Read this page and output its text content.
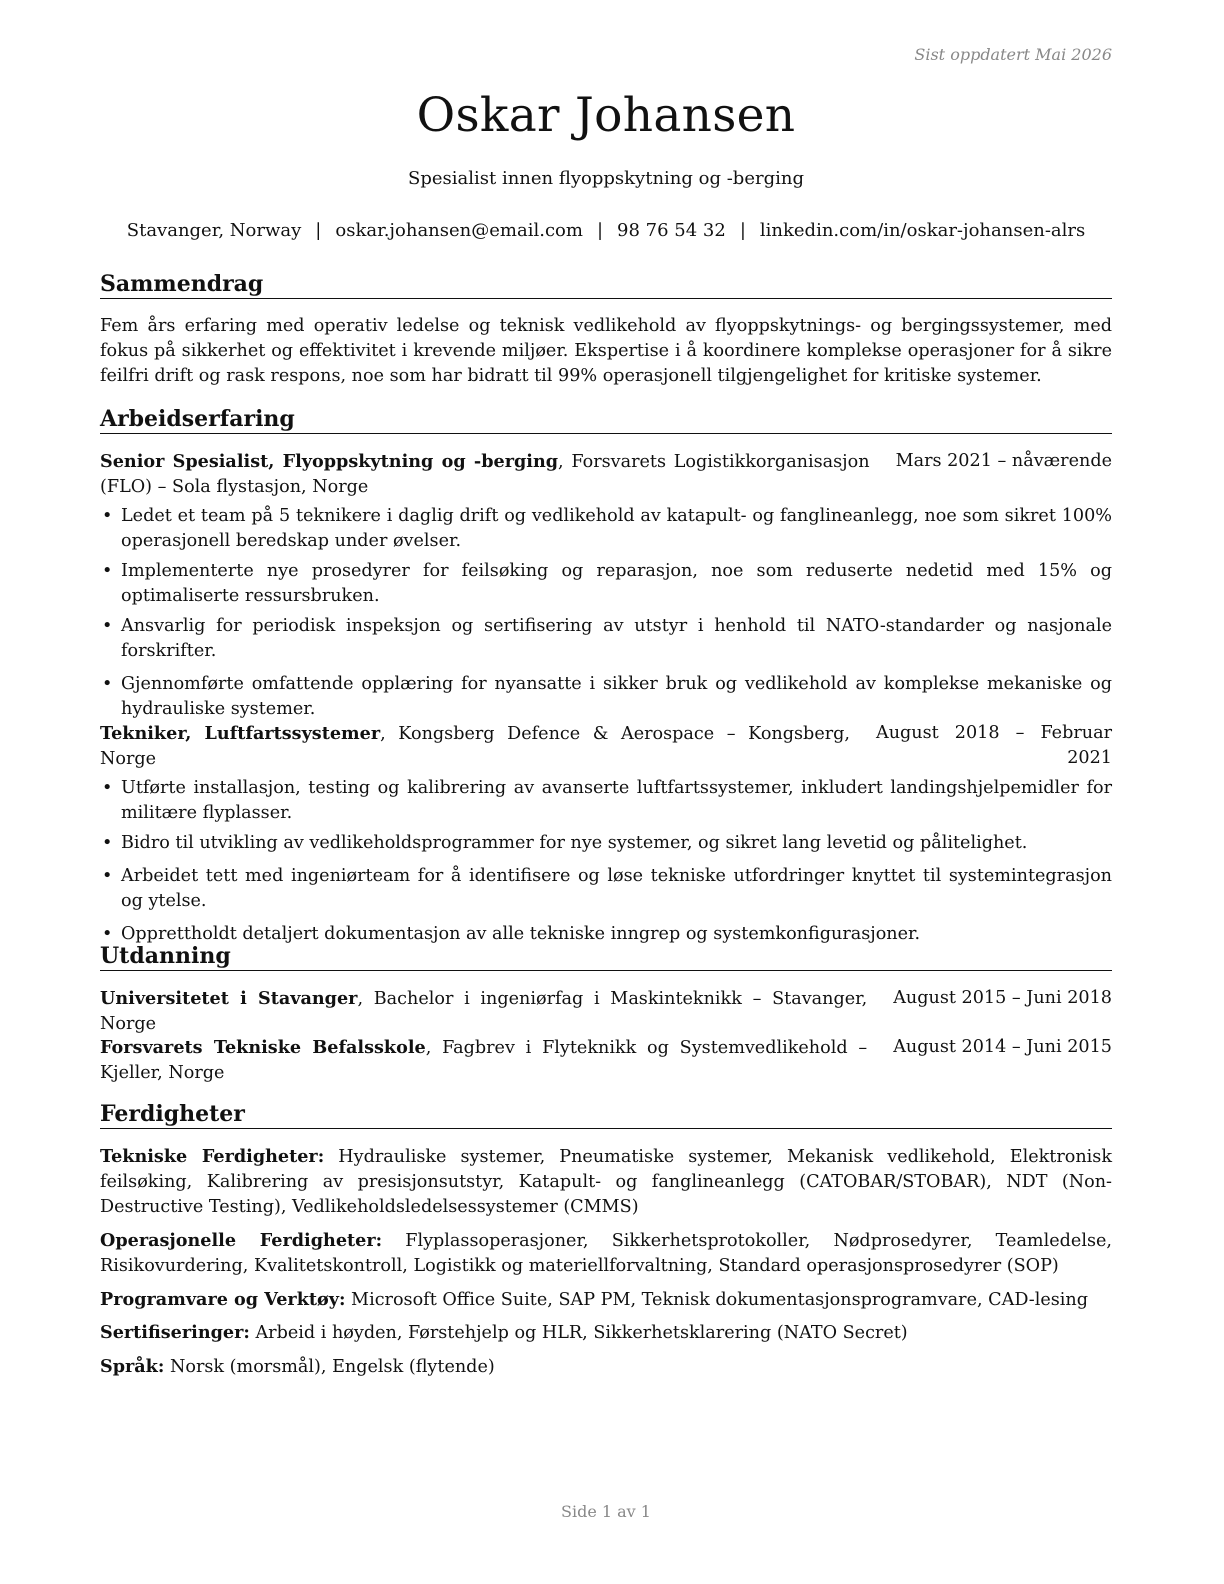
Sist oppdatert Mai 2026
Oskar Johansen
Spesialist innen flyoppskytning og -berging
Stavanger, Norway | oskar.johansen@email.com | 98 76 54 32 | linkedin.com/in/oskar-johansen-alrs
Sammendrag

Fem års erfaring med operativ ledelse og teknisk vedlikehold av flyoppskytnings- og bergingssystemer, med fokus på sikkerhet og effektivitet i krevende miljøer. Ekspertise i å koordinere komplekse operasjoner for å sikre feilfri drift og rask respons, noe som har bidratt til 99% operasjonell tilgjengelighet for kritiske systemer.

Arbeidserfaring
Senior Spesialist, Flyoppskytning og -berging, Forsvarets Logistikkorganisasjon (FLO) – Sola flystasjon, Norge
Mars 2021 – nåværende
• Ledet et team på 5 teknikere i daglig drift og vedlikehold av katapult- og fanglineanlegg, noe som sikret 100% operasjonell beredskap under øvelser.
• Implementerte nye prosedyrer for feilsøking og reparasjon, noe som reduserte nedetid med 15% og optimaliserte ressursbruken.
• Ansvarlig for periodisk inspeksjon og sertifisering av utstyr i henhold til NATO-standarder og nasjonale forskrifter.
• Gjennomførte omfattende opplæring for nyansatte i sikker bruk og vedlikehold av komplekse mekaniske og hydrauliske systemer.
Tekniker, Luftfartssystemer, Kongsberg Defence & Aerospace – Kongsberg, Norge
August 2018 – Februar 2021
• Utførte installasjon, testing og kalibrering av avanserte luftfartssystemer, inkludert landingshjelpemidler for militære flyplasser.
• Bidro til utvikling av vedlikeholdsprogrammer for nye systemer, og sikret lang levetid og pålitelighet.
• Arbeidet tett med ingeniørteam for å identifisere og løse tekniske utfordringer knyttet til systemintegrasjon og ytelse.
• Opprettholdt detaljert dokumentasjon av alle tekniske inngrep og systemkonfigurasjoner.
Utdanning
Universitetet i Stavanger, Bachelor i ingeniørfag i Maskinteknikk – Stavanger, Norge
August 2015 – Juni 2018
Forsvarets Tekniske Befalsskole, Fagbrev i Flyteknikk og Systemvedlikehold – Kjeller, Norge
August 2014 – Juni 2015
Ferdigheter

Tekniske Ferdigheter: Hydrauliske systemer, Pneumatiske systemer, Mekanisk vedlikehold, Elektronisk feilsøking, Kalibrering av presisjonsutstyr, Katapult- og fanglineanlegg (CATOBAR/STOBAR), NDT (Non-Destructive Testing), Vedlikeholdsledelsessystemer (CMMS)

Operasjonelle Ferdigheter: Flyplassoperasjoner, Sikkerhetsprotokoller, Nødprosedyrer, Teamledelse, Risikovurdering, Kvalitetskontroll, Logistikk og materiellforvaltning, Standard operasjonsprosedyrer (SOP)

Programvare og Verktøy: Microsoft Office Suite, SAP PM, Teknisk dokumentasjonsprogramvare, CAD-lesing

Sertifiseringer: Arbeid i høyden, Førstehjelp og HLR, Sikkerhetsklarering (NATO Secret)

Språk: Norsk (morsmål), Engelsk (flytende)

Side 1 av 1
